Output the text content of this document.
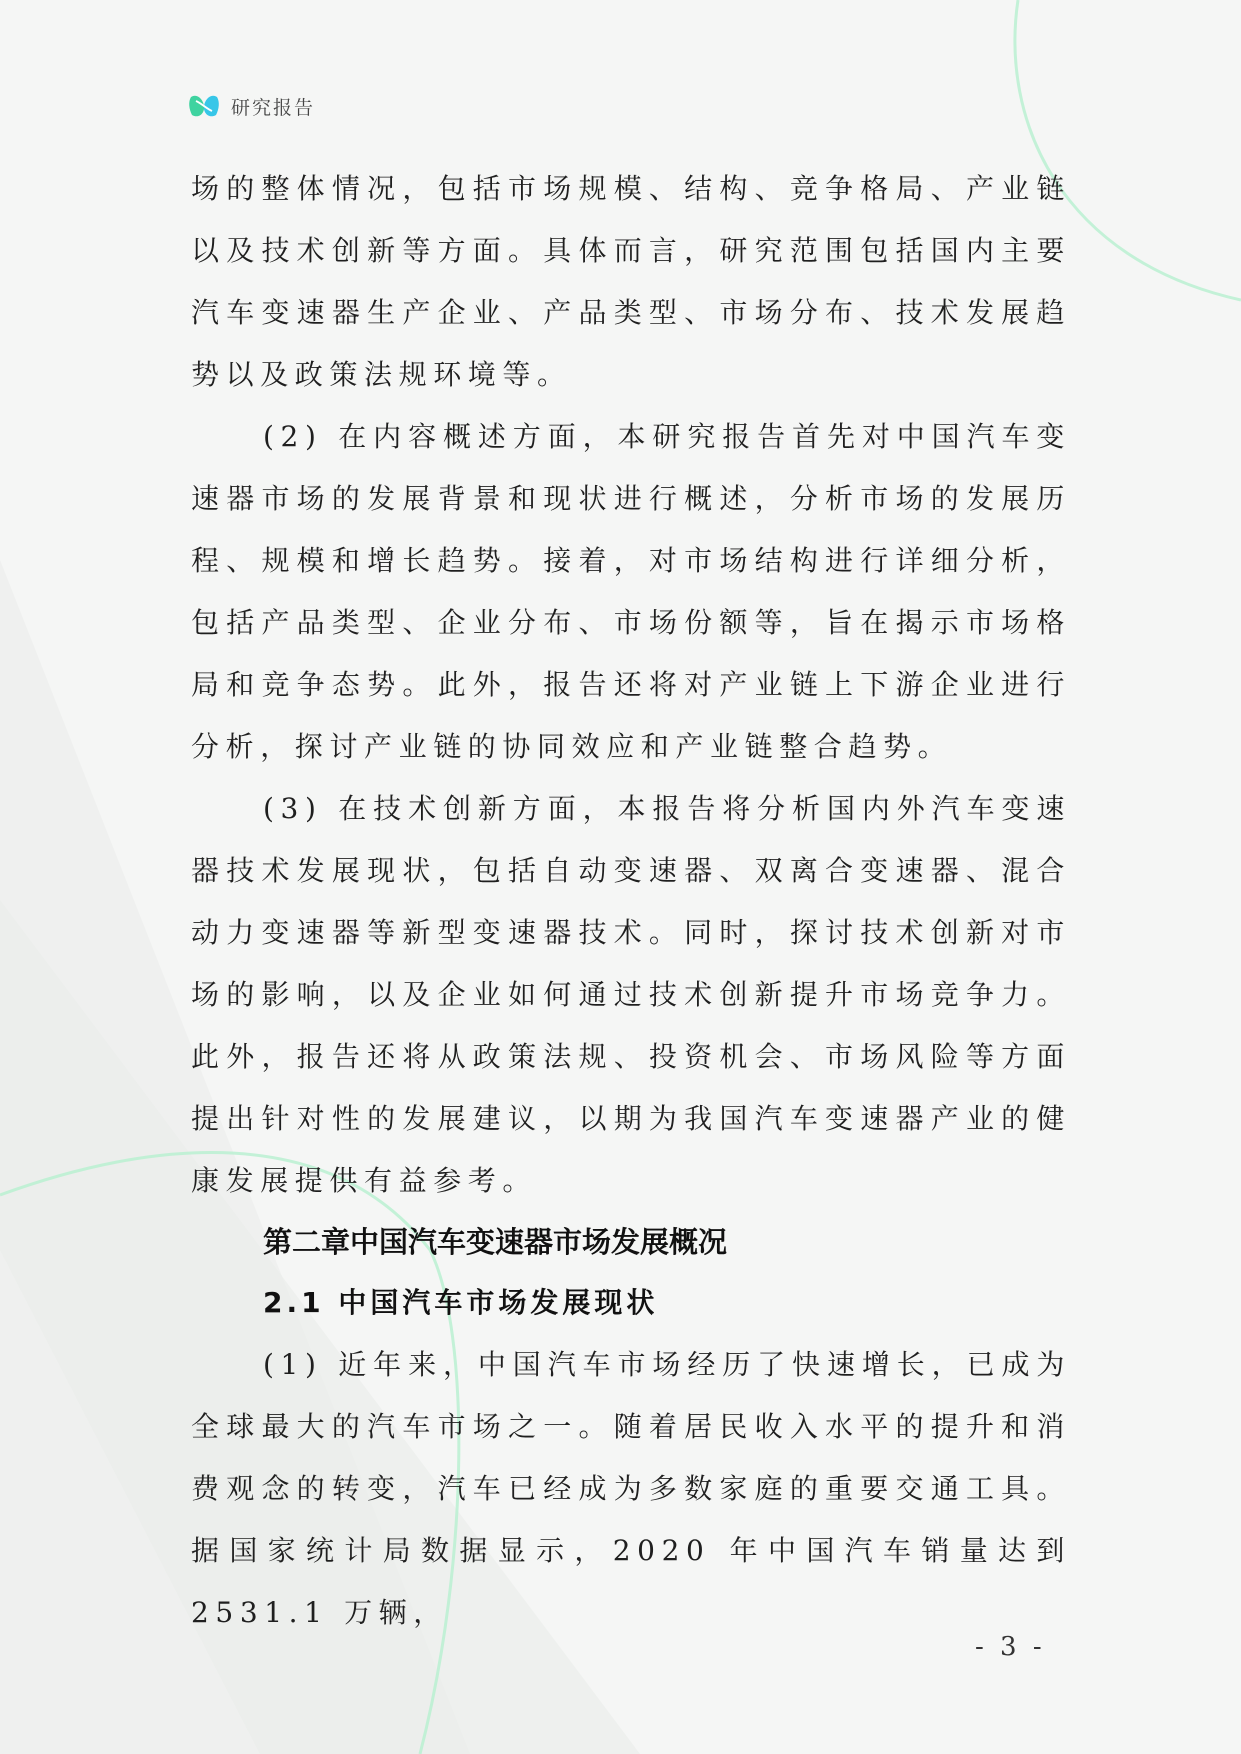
研究报告

场的整体情况，包括市场规模、结构、竞争格局、产业链以及技术创新等方面。具体而言，研究范围包括国内主要汽车变速器生产企业、产品类型、市场分布、技术发展趋势以及政策法规环境等。

(2) 在内容概述方面，本研究报告首先对中国汽车变速器市场的发展背景和现状进行概述，分析市场的发展历程、规模和增长趋势。接着，对市场结构进行详细分析，包括产品类型、企业分布、市场份额等，旨在揭示市场格局和竞争态势。此外，报告还将对产业链上下游企业进行分析，探讨产业链的协同效应和产业链整合趋势。

(3) 在技术创新方面，本报告将分析国内外汽车变速器技术发展现状，包括自动变速器、双离合变速器、混合动力变速器等新型变速器技术。同时，探讨技术创新对市场的影响，以及企业如何通过技术创新提升市场竞争力。此外，报告还将从政策法规、投资机会、市场风险等方面提出针对性的发展建议，以期为我国汽车变速器产业的健康发展提供有益参考。

第二章中国汽车变速器市场发展概况
2.1 中国汽车市场发展现状

(1) 近年来，中国汽车市场经历了快速增长，已成为全球最大的汽车市场之一。随着居民收入水平的提升和消费观念的转变，汽车已经成为多数家庭的重要交通工具。据国家统计局数据显示，2020 年中国汽车销量达到 2531.1 万辆，

- 3 -
